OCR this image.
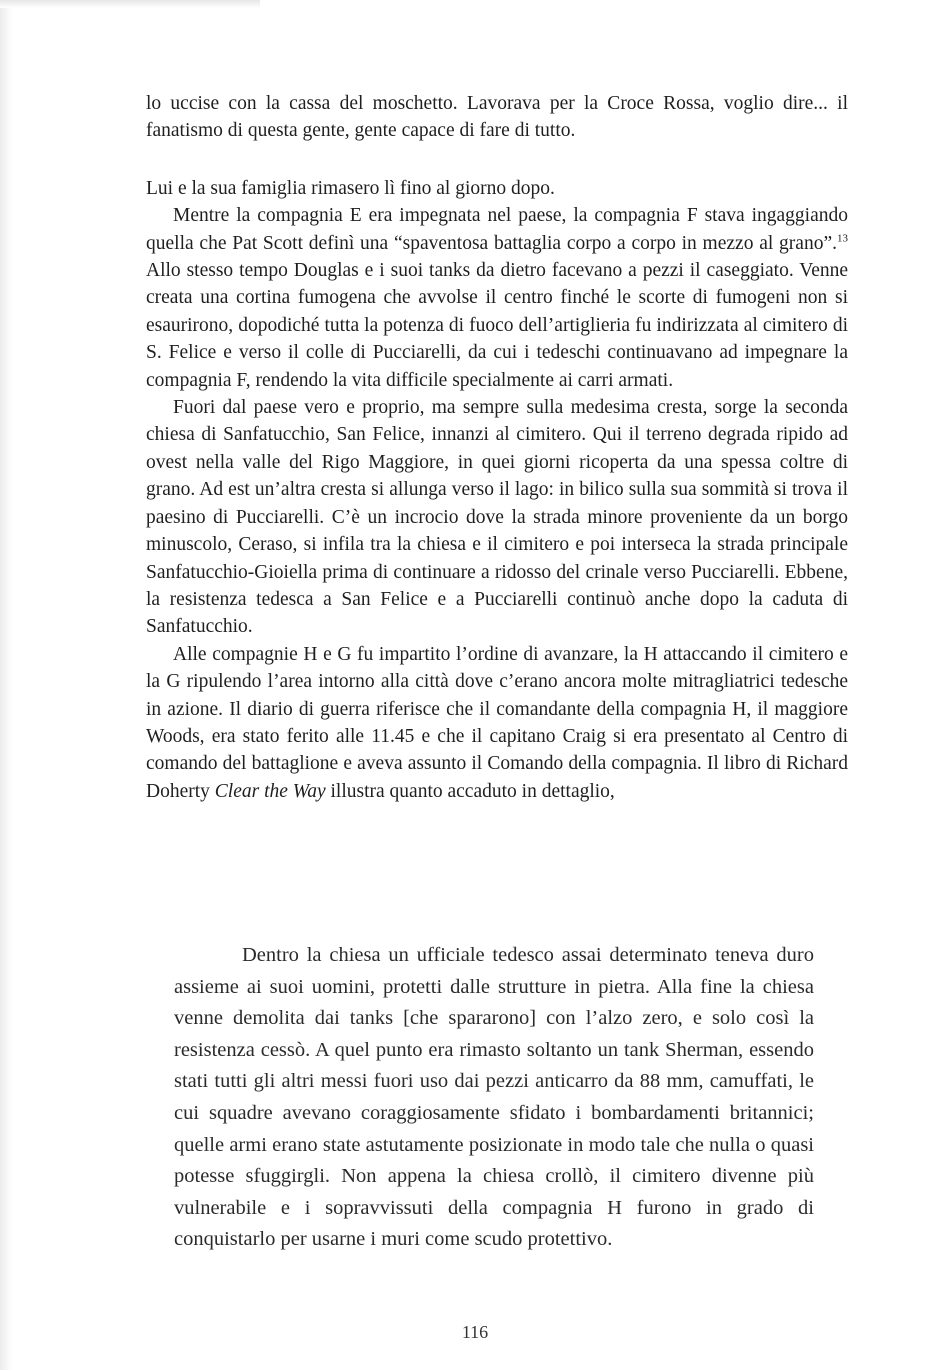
lo uccise con la cassa del moschetto. Lavorava per la Croce Rossa, voglio dire... il fanatismo di questa gente, gente capace di fare di tutto.

Lui e la sua famiglia rimasero lì fino al giorno dopo.

Mentre la compagnia E era impegnata nel paese, la compagnia F stava ingaggiando quella che Pat Scott definì una “spaventosa battaglia corpo a corpo in mezzo al grano”.$^{13}$ Allo stesso tempo Douglas e i suoi tanks da dietro facevano a pezzi il caseggiato. Venne creata una cortina fumogena che avvolse il centro finché le scorte di fumogeni non si esaurirono, dopodiché tutta la potenza di fuoco dell’artiglieria fu indirizzata al cimitero di S. Felice e verso il colle di Pucciarelli, da cui i tedeschi continuavano ad impegnare la compagnia F, rendendo la vita difficile specialmente ai carri armati.

Fuori dal paese vero e proprio, ma sempre sulla medesima cresta, sorge la seconda chiesa di Sanfatucchio, San Felice, innanzi al cimitero. Qui il terreno degrada ripido ad ovest nella valle del Rigo Maggiore, in quei giorni ricoperta da una spessa coltre di grano. Ad est un’altra cresta si allunga verso il lago: in bilico sulla sua sommità si trova il paesino di Pucciarelli. C’è un incrocio dove la strada minore proveniente da un borgo minuscolo, Ceraso, si infila tra la chiesa e il cimitero e poi interseca la strada principale Sanfatucchio-Gioiella prima di continuare a ridosso del crinale verso Pucciarelli. Ebbene, la resistenza tedesca a San Felice e a Pucciarelli continuò anche dopo la caduta di Sanfatucchio.

Alle compagnie H e G fu impartito l’ordine di avanzare, la H attaccando il cimitero e la G ripulendo l’area intorno alla città dove c’erano ancora molte mitragliatrici tedesche in azione. Il diario di guerra riferisce che il comandante della compagnia H, il maggiore Woods, era stato ferito alle 11.45 e che il capitano Craig si era presentato al Centro di comando del battaglione e aveva assunto il Comando della compagnia. Il libro di Richard Doherty Clear the Way illustra quanto accaduto in dettaglio,

Dentro la chiesa un ufficiale tedesco assai determinato teneva duro assieme ai suoi uomini, protetti dalle strutture in pietra. Alla fine la chiesa venne demolita dai tanks [che spararono] con l’alzo zero, e solo così la resistenza cessò. A quel punto era rimasto soltanto un tank Sherman, essendo stati tutti gli altri messi fuori uso dai pezzi anticarro da 88 mm, camuffati, le cui squadre avevano coraggiosamente sfidato i bombardamenti britannici; quelle armi erano state astutamente posizionate in modo tale che nulla o quasi potesse sfuggirgli. Non appena la chiesa crollò, il cimitero divenne più vulnerabile e i sopravvissuti della compagnia H furono in grado di conquistarlo per usarne i muri come scudo protettivo.

116
